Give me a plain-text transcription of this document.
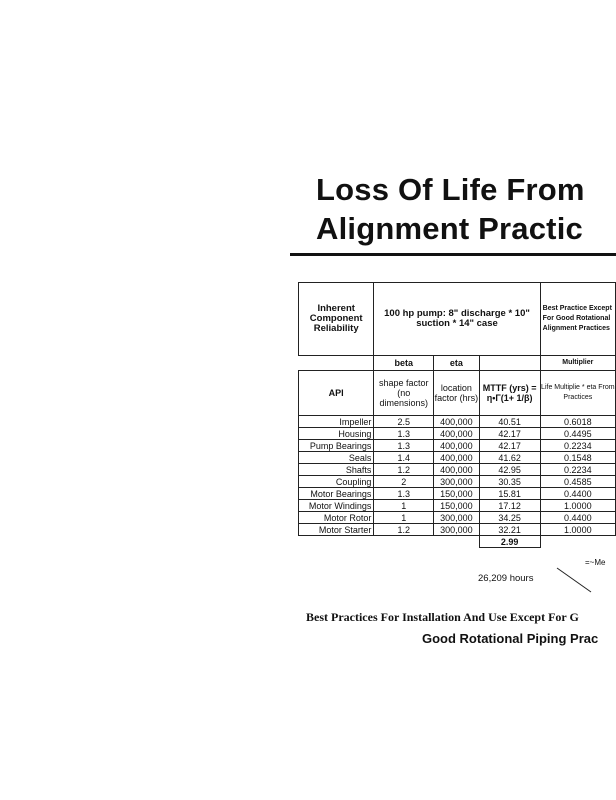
Loss Of Life From
Alignment Practic
Inherent Component Reliability	100 hp pump: 8" discharge * 10" suction * 14" case			Best Practice Except For Good Rotational Alignment Practices
	beta	eta		Multiplier
API	shape factor (no dimensions)	location factor (hrs)	MTTF (yrs) = η•Γ(1+ 1/β)	Life Multiplie * eta From Practices
Impeller	2.5	400,000	40.51	0.6018
Housing	1.3	400,000	42.17	0.4495
Pump Bearings	1.3	400,000	42.17	0.2234
Seals	1.4	400,000	41.62	0.1548
Shafts	1.2	400,000	42.95	0.2234
Coupling	2	300,000	30.35	0.4585
Motor Bearings	1.3	150,000	15.81	0.4400
Motor Windings	1	150,000	17.12	1.0000
Motor Rotor	1	300,000	34.25	0.4400
Motor Starter	1.2	300,000	32.21	1.0000
			2.99	
26,209 hours
=~Me
Best Practices For Installation And Use Except For G
Good Rotational Piping Prac
